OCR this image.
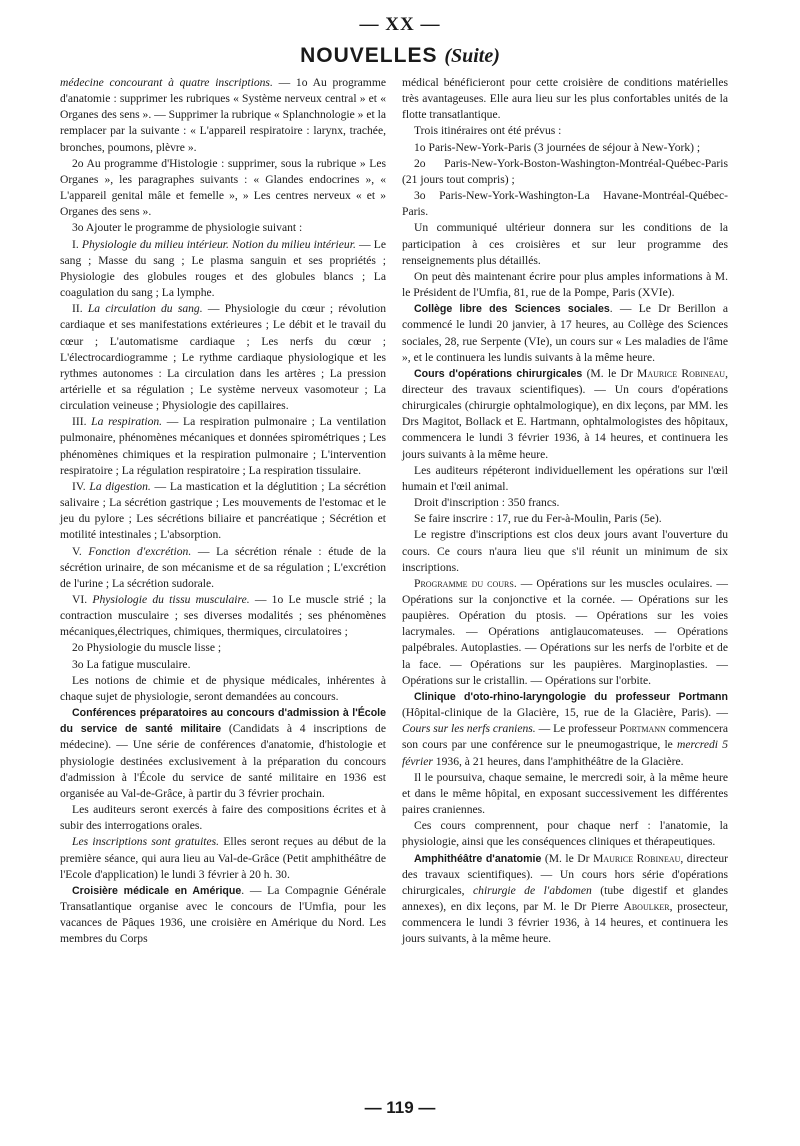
— XX —
NOUVELLES (Suite)

médecine concourant à quatre inscriptions. — 1o Au programme d'anatomie : supprimer les rubriques « Système nerveux central » et « Organes des sens ». — Supprimer la rubrique « Splanchnologie » et la remplacer par la suivante : « L'appareil respiratoire : larynx, trachée, bronches, poumons, plèvre ».

2o Au programme d'Histologie : supprimer, sous la rubrique » Les Organes », les paragraphes suivants : « Glandes endocrines », « L'appareil genital mâle et femelle », » Les centres nerveux « et » Organes des sens ».

3o Ajouter le programme de physiologie suivant :

I. Physiologie du milieu intérieur. Notion du milieu intérieur. — Le sang ; Masse du sang ; Le plasma sanguin et ses propriétés ; Physiologie des globules rouges et des globules blancs ; La coagulation du sang ; La lymphe.

II. La circulation du sang. — Physiologie du cœur ; révolution cardiaque et ses manifestations extérieures ; Le débit et le travail du cœur ; L'automatisme cardiaque ; Les nerfs du cœur ; L'électrocardiogramme ; Le rythme cardiaque physiologique et les rythmes autonomes : La circulation dans les artères ; La pression artérielle et sa régulation ; Le système nerveux vasomoteur ; La circulation veineuse ; Physiologie des capillaires.

III. La respiration. — La respiration pulmonaire ; La ventilation pulmonaire, phénomènes mécaniques et données spirométriques ; Les phénomènes chimiques et la respiration pulmonaire ; L'intervention respiratoire ; La régulation respiratoire ; La respiration tissulaire.

IV. La digestion. — La mastication et la déglutition ; La sécrétion salivaire ; La sécrétion gastrique ; Les mouvements de l'estomac et le jeu du pylore ; Les sécrétions biliaire et pancréatique ; Sécrétion et motilité intestinales ; L'absorption.

V. Fonction d'excrétion. — La sécrétion rénale : étude de la sécrétion urinaire, de son mécanisme et de sa régulation ; L'excrétion de l'urine ; La sécrétion sudorale.

VI. Physiologie du tissu musculaire. — 1o Le muscle strié ; la contraction musculaire ; ses diverses modalités ; ses phénomènes mécaniques,électriques, chimiques, thermiques, circulatoires ;

2o Physiologie du muscle lisse ;

3o La fatigue musculaire.

Les notions de chimie et de physique médicales, inhérentes à chaque sujet de physiologie, seront demandées au concours.

Conférences préparatoires au concours d'admission à l'École du service de santé militaire (Candidats à 4 inscriptions de médecine). — Une série de conférences d'anatomie, d'histologie et physiologie destinées exclusivement à la préparation du concours d'admission à l'École du service de santé militaire en 1936 est organisée au Val-de-Grâce, à partir du 3 février prochain.

Les auditeurs seront exercés à faire des compositions écrites et à subir des interrogations orales.

Les inscriptions sont gratuites. Elles seront reçues au début de la première séance, qui aura lieu au Val-de-Grâce (Petit amphithéâtre de l'Ecole d'application) le lundi 3 février à 20 h. 30.

Croisière médicale en Amérique. — La Compagnie Générale Transatlantique organise avec le concours de l'Umfia, pour les vacances de Pâques 1936, une croisière en Amérique du Nord. Les membres du Corps

médical bénéficieront pour cette croisière de conditions matérielles très avantageuses. Elle aura lieu sur les plus confortables unités de la flotte transatlantique.

Trois itinéraires ont été prévus :

1o Paris-New-York-Paris (3 journées de séjour à New-York) ;

2o Paris-New-York-Boston-Washington-Montréal-Québec-Paris (21 jours tout compris) ;

3o Paris-New-York-Washington-La Havane-Montréal-Québec-Paris.

Un communiqué ultérieur donnera sur les conditions de la participation à ces croisières et sur leur programme des renseignements plus détaillés.

On peut dès maintenant écrire pour plus amples informations à M. le Président de l'Umfia, 81, rue de la Pompe, Paris (XVIe).

Collège libre des Sciences sociales. — Le Dr Berillon a commencé le lundi 20 janvier, à 17 heures, au Collège des Sciences sociales, 28, rue Serpente (VIe), un cours sur « Les maladies de l'âme », et le continuera les lundis suivants à la même heure.

Cours d'opérations chirurgicales (M. le Dr Maurice Robineau, directeur des travaux scientifiques). — Un cours d'opérations chirurgicales (chirurgie ophtalmologique), en dix leçons, par MM. les Drs Magitot, Bollack et E. Hartmann, ophtalmologistes des hôpitaux, commencera le lundi 3 février 1936, à 14 heures, et continuera les jours suivants à la même heure.

Les auditeurs répéteront individuellement les opérations sur l'œil humain et l'œil animal.

Droit d'inscription : 350 francs.

Se faire inscrire : 17, rue du Fer-à-Moulin, Paris (5e).

Le registre d'inscriptions est clos deux jours avant l'ouverture du cours. Ce cours n'aura lieu que s'il réunit un minimum de six inscriptions.

Programme du cours. — Opérations sur les muscles oculaires. — Opérations sur la conjonctive et la cornée. — Opérations sur les paupières. Opération du ptosis. — Opérations sur les voies lacrymales. — Opérations antiglaucomateuses. — Opérations palpébrales. Autoplasties. — Opérations sur les nerfs de l'orbite et de la face. — Opérations sur les paupières. Marginoplasties. — Opérations sur le cristallin. — Opérations sur l'orbite.

Clinique d'oto-rhino-laryngologie du professeur Portmann (Hôpital-clinique de la Glacière, 15, rue de la Glacière, Paris). — Cours sur les nerfs craniens. — Le professeur Portmann commencera son cours par une conférence sur le pneumogastrique, le mercredi 5 février 1936, à 21 heures, dans l'amphithéâtre de la Glacière.

Il le poursuiva, chaque semaine, le mercredi soir, à la même heure et dans le même hôpital, en exposant successivement les différentes paires craniennes.

Ces cours comprennent, pour chaque nerf : l'anatomie, la physiologie, ainsi que les conséquences cliniques et thérapeutiques.

Amphithéâtre d'anatomie (M. le Dr Maurice Robineau, directeur des travaux scientifiques). — Un cours hors série d'opérations chirurgicales, chirurgie de l'abdomen (tube digestif et glandes annexes), en dix leçons, par M. le Dr Pierre Aboulker, prosecteur, commencera le lundi 3 février 1936, à 14 heures, et continuera les jours suivants, à la même heure.

— 119 —
